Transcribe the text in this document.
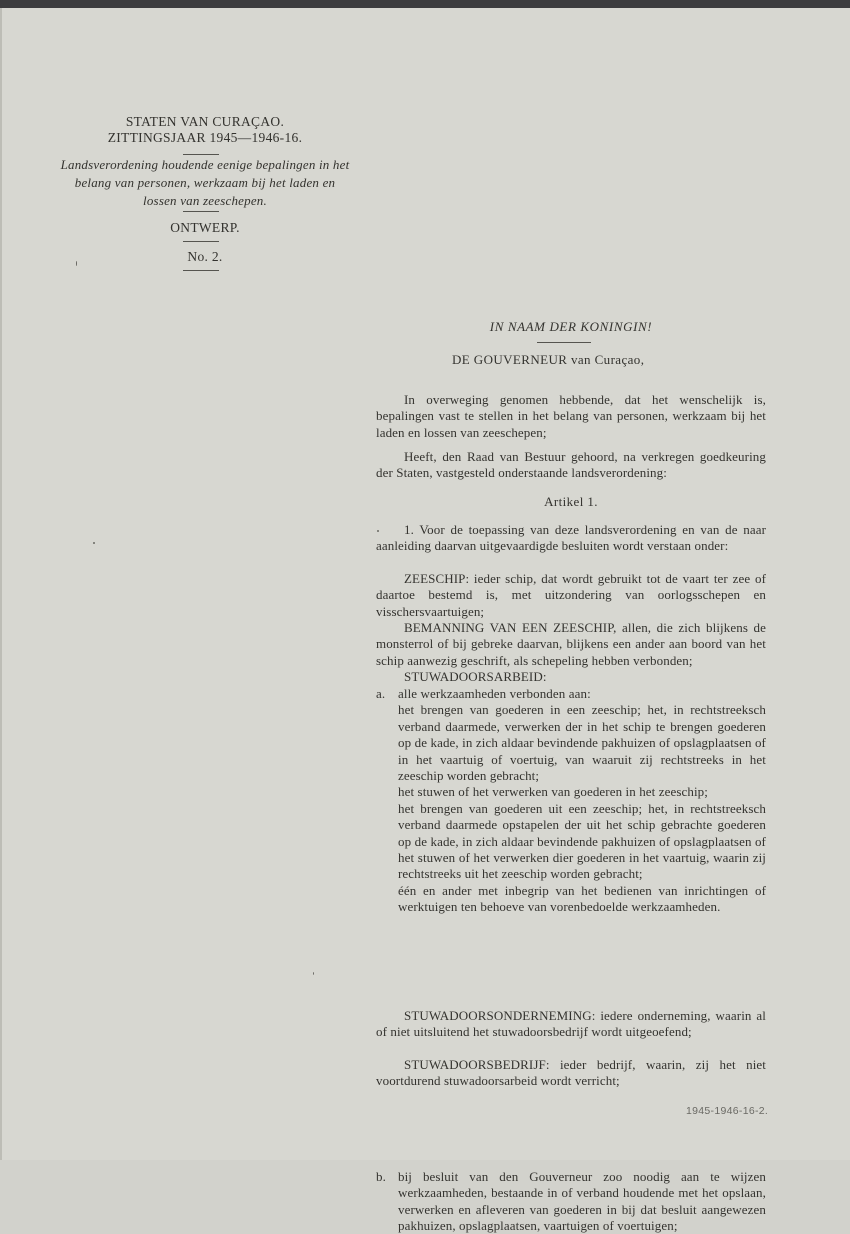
STATEN VAN CURAÇAO.
ZITTINGSJAAR 1945—1946-16.
Landsverordening houdende eenige bepalingen in het belang van personen, werkzaam bij het laden en lossen van zeeschepen.
ONTWERP.
No. 2.
IN NAAM DER KONINGIN!
DE GOUVERNEUR van Curaçao,

In overweging genomen hebbende, dat het wenschelijk is, bepalingen vast te stellen in het belang van personen, werkzaam bij het laden en lossen van zeeschepen;

Heeft, den Raad van Bestuur gehoord, na verkregen goedkeuring der Staten, vastgesteld onderstaande landsverordening:

Artikel 1.

1. Voor de toepassing van deze landsverordening en van de naar aanleiding daarvan uitgevaardigde besluiten wordt verstaan onder:

ZEESCHIP: ieder schip, dat wordt gebruikt tot de vaart ter zee of daartoe bestemd is, met uitzondering van oorlogsschepen en visschersvaartuigen;

BEMANNING VAN EEN ZEESCHIP, allen, die zich blijkens de monsterrol of bij gebreke daarvan, blijkens een ander aan boord van het schip aanwezig geschrift, als schepeling hebben verbonden;

STUWADOORSARBEID:
a. alle werkzaamheden verbonden aan:
het brengen van goederen in een zeeschip; het, in rechtstreeksch verband daarmede, verwerken der in het schip te brengen goederen op de kade, in zich aldaar bevindende pakhuizen of opslagplaatsen of in het vaartuig of voertuig, van waaruit zij rechtstreeks in het zeeschip worden gebracht;
het stuwen of het verwerken van goederen in het zeeschip;
het brengen van goederen uit een zeeschip; het, in rechtstreeksch verband daarmede opstapelen der uit het schip gebrachte goederen op de kade, in zich aldaar bevindende pakhuizen of opslagplaatsen of het stuwen of het verwerken dier goederen in het vaartuig, waarin zij rechtstreeks uit het zeeschip worden gebracht;
één en ander met inbegrip van het bedienen van inrichtingen of werktuigen ten behoeve van vorenbedoelde werkzaamheden.
b. bij besluit van den Gouverneur zoo noodig aan te wijzen werkzaamheden, bestaande in of verband houdende met het opslaan, verwerken en afleveren van goederen in bij dat besluit aangewezen pakhuizen, opslagplaatsen, vaartuigen of voertuigen;

STUWADOORSONDERNEMING: iedere onderneming, waarin al of niet uitsluitend het stuwadoorsbedrijf wordt uitgeoefend;

STUWADOORSBEDRIJF: ieder bedrijf, waarin, zij het niet voortdurend stuwadoorsarbeid wordt verricht;

1945-1946-16-2.
